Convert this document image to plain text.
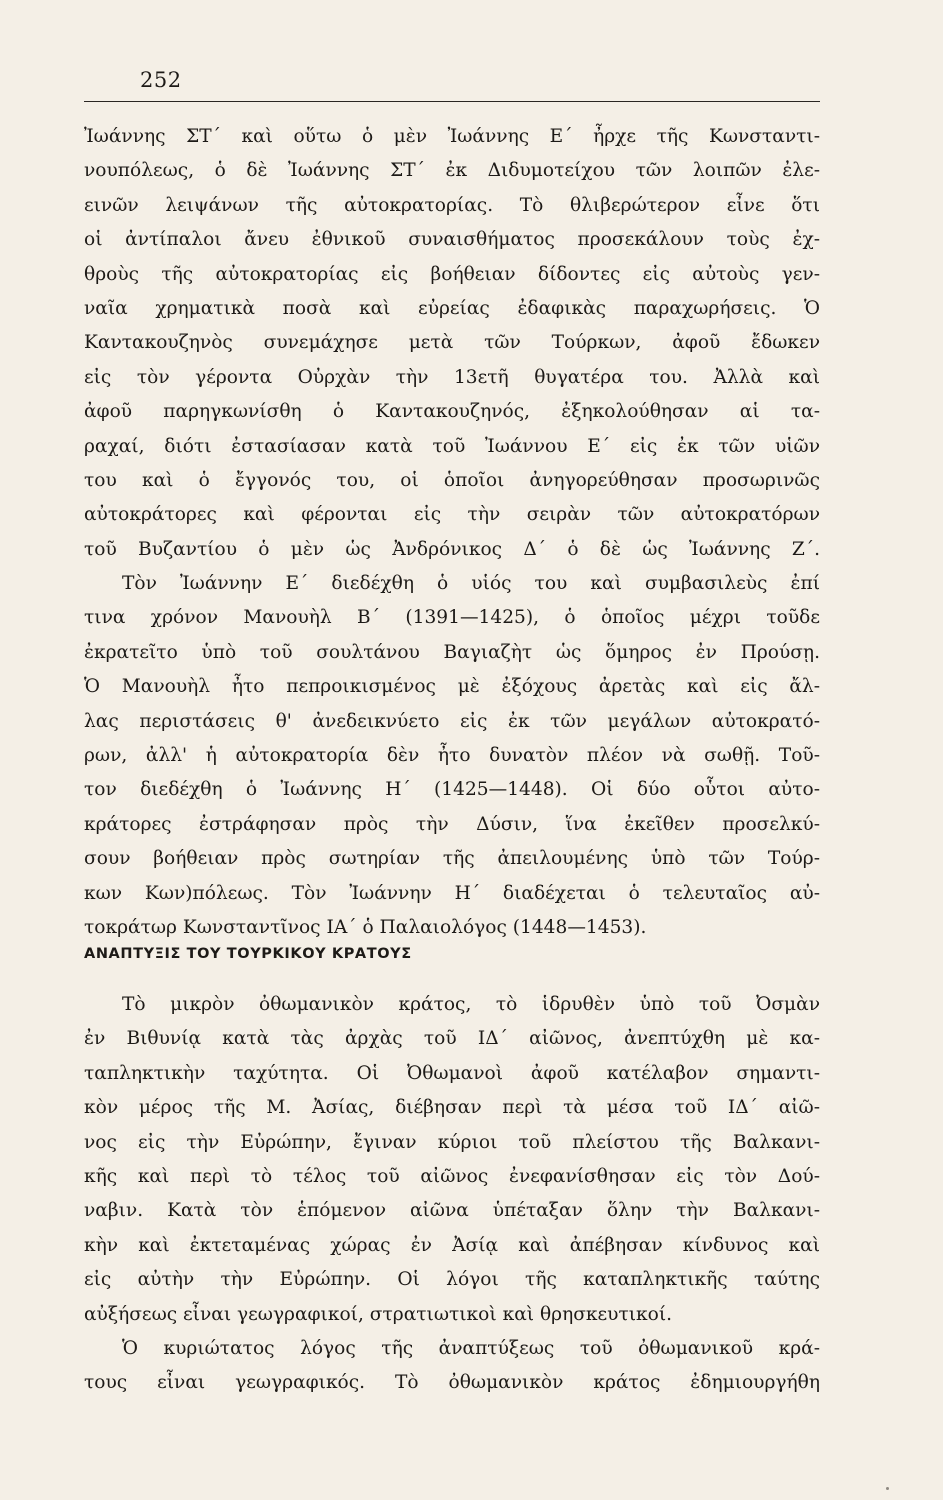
252
Ἰωάννης ΣΤ΄ καὶ οὕτω ὁ μὲν Ἰωάννης Ε΄ ἦρχε τῆς Κωνσταντι-
νουπόλεως, ὁ δὲ Ἰωάννης ΣΤ΄ ἐκ Διδυμοτείχου τῶν λοιπῶν ἐλε-
εινῶν λειψάνων τῆς αὐτοκρατορίας. Τὸ θλιβερώτερον εἶνε ὅτι
οἱ ἀντίπαλοι ἄνευ ἐθνικοῦ συναισθήματος προσεκάλουν τοὺς ἐχ-
θροὺς τῆς αὐτοκρατορίας εἰς βοήθειαν δίδοντες εἰς αὐτοὺς γεν-
ναῖα χρηματικὰ ποσὰ καὶ εὐρείας ἐδαφικὰς παραχωρήσεις. Ὁ
Καντακουζηνὸς συνεμάχησε μετὰ τῶν Τούρκων, ἀφοῦ ἔδωκεν
εἰς τὸν γέροντα Οὐρχὰν τὴν 13ετῆ θυγατέρα του. Ἀλλὰ καὶ
ἀφοῦ παρηγκωνίσθη ὁ Καντακουζηνός, ἐξηκολούθησαν αἱ τα-
ραχαί, διότι ἐστασίασαν κατὰ τοῦ Ἰωάννου Ε΄ εἰς ἐκ τῶν υἱῶν
του καὶ ὁ ἔγγονός του, οἱ ὁποῖοι ἀνηγορεύθησαν προσωρινῶς
αὐτοκράτορες καὶ φέρονται εἰς τὴν σειρὰν τῶν αὐτοκρατόρων
τοῦ Βυζαντίου ὁ μὲν ὡς Ἀνδρόνικος Δ΄ ὁ δὲ ὡς Ἰωάννης Ζ΄.
Τὸν Ἰωάννην Ε΄ διεδέχθη ὁ υἱός του καὶ συμβασιλεὺς ἐπί
τινα χρόνον Μανουὴλ Β΄ (1391—1425), ὁ ὁποῖος μέχρι τοῦδε
ἐκρατεῖτο ὑπὸ τοῦ σουλτάνου Βαγιαζὴτ ὡς ὅμηρος ἐν Προύσῃ.
Ὁ Μανουὴλ ἦτο πεπροικισμένος μὲ ἐξόχους ἀρετὰς καὶ εἰς ἄλ-
λας περιστάσεις θ' ἀνεδεικνύετο εἰς ἐκ τῶν μεγάλων αὐτοκρατό-
ρων, ἀλλ' ἡ αὐτοκρατορία δὲν ἦτο δυνατὸν πλέον νὰ σωθῇ. Τοῦ-
τον διεδέχθη ὁ Ἰωάννης Η΄ (1425—1448). Οἱ δύο οὗτοι αὐτο-
κράτορες ἐστράφησαν πρὸς τὴν Δύσιν, ἵνα ἐκεῖθεν προσελκύ-
σουν βοήθειαν πρὸς σωτηρίαν τῆς ἀπειλουμένης ὑπὸ τῶν Τούρ-
κων Κων)πόλεως. Τὸν Ἰωάννην Η΄ διαδέχεται ὁ τελευταῖος αὐ-
τοκράτωρ Κωνσταντῖνος ΙΑ΄ ὁ Παλαιολόγος (1448—1453).
ΑΝΑΠΤΥΞΙΣ ΤΟΥ ΤΟΥΡΚΙΚΟΥ ΚΡΑΤΟΥΣ
Τὸ μικρὸν ὀθωμανικὸν κράτος, τὸ ἱδρυθὲν ὑπὸ τοῦ Ὀσμὰν
ἐν Βιθυνίᾳ κατὰ τὰς ἀρχὰς τοῦ ΙΔ΄ αἰῶνος, ἀνεπτύχθη μὲ κα-
ταπληκτικὴν ταχύτητα. Οἱ Ὀθωμανοὶ ἀφοῦ κατέλαβον σημαντι-
κὸν μέρος τῆς Μ. Ἀσίας, διέβησαν περὶ τὰ μέσα τοῦ ΙΔ΄ αἰῶ-
νος εἰς τὴν Εὐρώπην, ἔγιναν κύριοι τοῦ πλείστου τῆς Βαλκανι-
κῆς καὶ περὶ τὸ τέλος τοῦ αἰῶνος ἐνεφανίσθησαν εἰς τὸν Δού-
ναβιν. Κατὰ τὸν ἑπόμενον αἰῶνα ὑπέταξαν ὅλην τὴν Βαλκανι-
κὴν καὶ ἐκτεταμένας χώρας ἐν Ἀσίᾳ καὶ ἀπέβησαν κίνδυνος καὶ
εἰς αὐτὴν τὴν Εὐρώπην. Οἱ λόγοι τῆς καταπληκτικῆς ταύτης
αὐξήσεως εἶναι γεωγραφικοί, στρατιωτικοὶ καὶ θρησκευτικοί.
Ὁ κυριώτατος λόγος τῆς ἀναπτύξεως τοῦ ὀθωμανικοῦ κρά-
τους εἶναι γεωγραφικός. Τὸ ὀθωμανικὸν κράτος ἐδημιουργήθη
